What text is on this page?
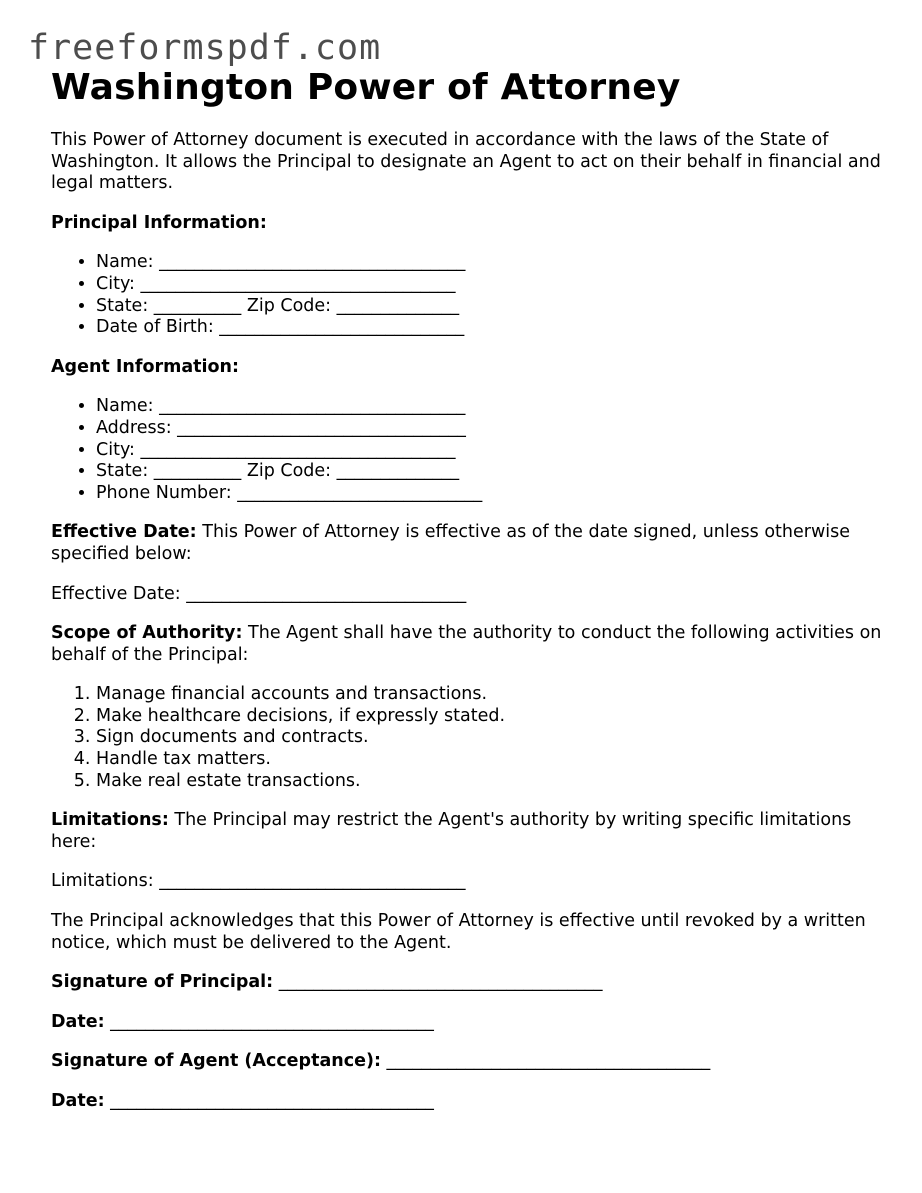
freeformspdf.com
Washington Power of Attorney

This Power of Attorney document is executed in accordance with the laws of the State of Washington. It allows the Principal to designate an Agent to act on their behalf in financial and legal matters.

Principal Information:

• Name: ___________________________________
• City: ____________________________________
• State: __________ Zip Code: ______________
• Date of Birth: ____________________________

Agent Information:

• Name: ___________________________________
• Address: _________________________________
• City: ____________________________________
• State: __________ Zip Code: ______________
• Phone Number: ____________________________

Effective Date: This Power of Attorney is effective as of the date signed, unless otherwise specified below:

Effective Date: ________________________________

Scope of Authority: The Agent shall have the authority to conduct the following activities on behalf of the Principal:

1. Manage financial accounts and transactions.
2. Make healthcare decisions, if expressly stated.
3. Sign documents and contracts.
4. Handle tax matters.
5. Make real estate transactions.

Limitations: The Principal may restrict the Agent's authority by writing specific limitations here:

Limitations: ___________________________________

The Principal acknowledges that this Power of Attorney is effective until revoked by a written notice, which must be delivered to the Agent.

Signature of Principal: _____________________________________

Date: _____________________________________

Signature of Agent (Acceptance): _____________________________________

Date: _____________________________________
